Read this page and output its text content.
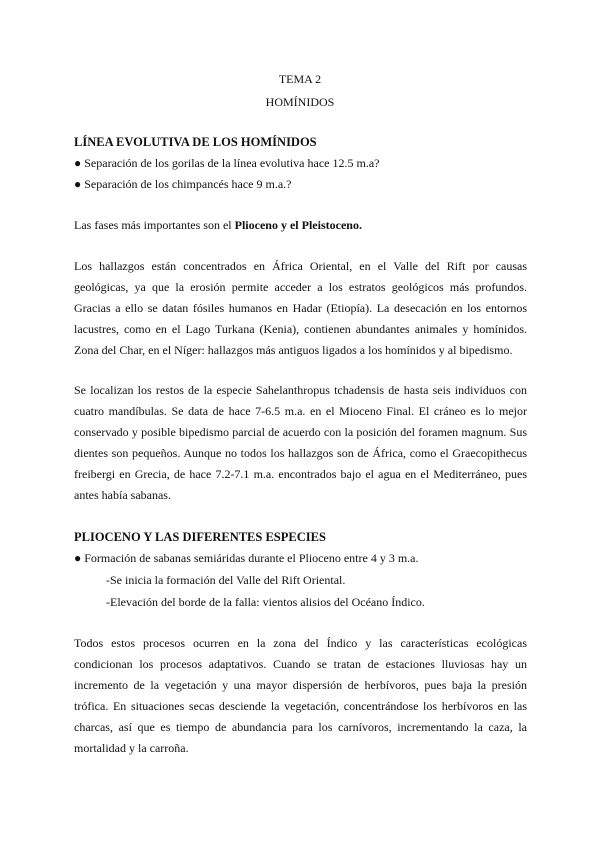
TEMA 2
HOMÍNIDOS
LÍNEA EVOLUTIVA DE LOS HOMÍNIDOS
● Separación de los gorilas de la línea evolutiva hace 12.5 m.a?
● Separación de los chimpancés hace 9 m.a.?
Las fases más importantes son el Plioceno y el Pleistoceno.
Los hallazgos están concentrados en África Oriental, en el Valle del Rift por causas
geológicas, ya que la erosión permite acceder a los estratos geológicos más profundos.
Gracias a ello se datan fósiles humanos en Hadar (Etiopía). La desecación en los entornos
lacustres, como en el Lago Turkana (Kenia), contienen abundantes animales y homínidos.
Zona del Char, en el Níger: hallazgos más antiguos ligados a los homínidos y al bipedismo.
Se localizan los restos de la especie Sahelanthropus tchadensis de hasta seis individuos con
cuatro mandíbulas. Se data de hace 7-6.5 m.a. en el Mioceno Final. El cráneo es lo mejor
conservado y posible bipedismo parcial de acuerdo con la posición del foramen magnum. Sus
dientes son pequeños. Aunque no todos los hallazgos son de África, como el Graecopithecus
freibergi en Grecia, de hace 7.2-7.1 m.a. encontrados bajo el agua en el Mediterráneo, pues
antes había sabanas.
PLIOCENO Y LAS DIFERENTES ESPECIES
● Formación de sabanas semiáridas durante el Plioceno entre 4 y 3 m.a.
-Se inicia la formación del Valle del Rift Oriental.
-Elevación del borde de la falla: vientos alisios del Océano Índico.
Todos estos procesos ocurren en la zona del Índico y las características ecológicas
condicionan los procesos adaptativos. Cuando se tratan de estaciones lluviosas hay un
incremento de la vegetación y una mayor dispersión de herbívoros, pues baja la presión
trófica. En situaciones secas desciende la vegetación, concentrándose los herbívoros en las
charcas, así que es tiempo de abundancia para los carnívoros, incrementando la caza, la
mortalidad y la carroña.
